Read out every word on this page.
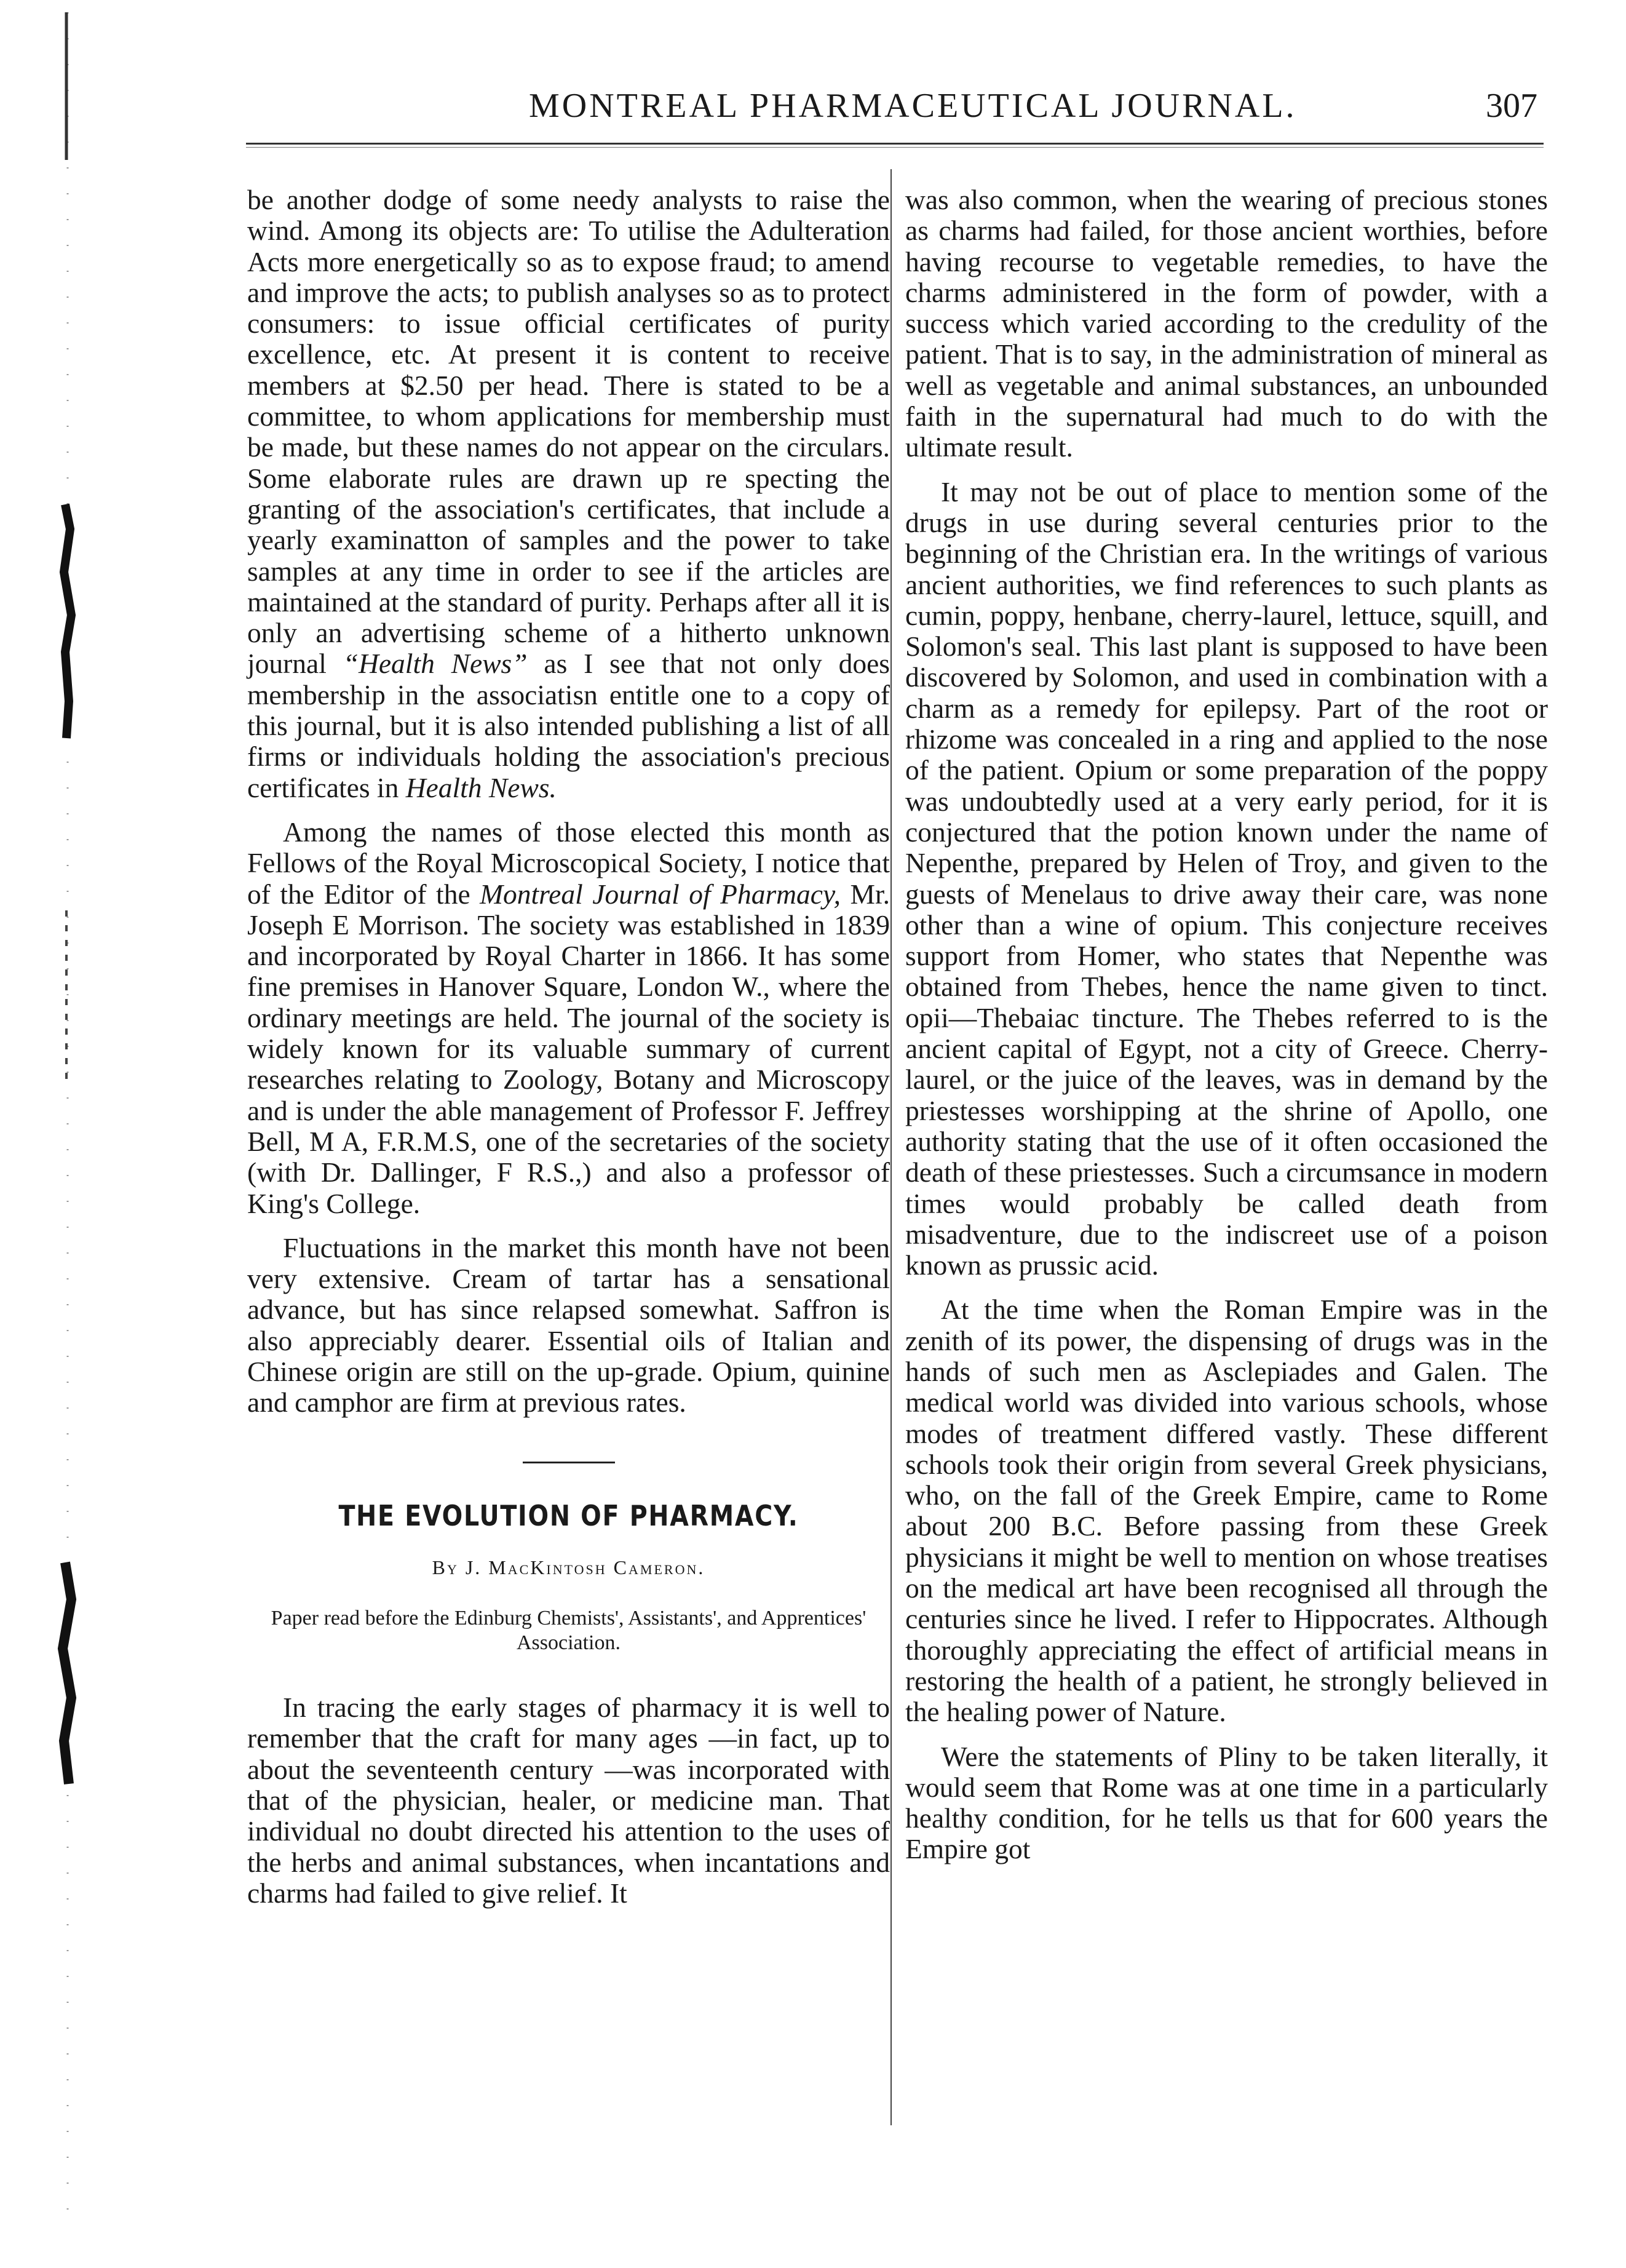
MONTREAL PHARMACEUTICAL JOURNAL.	307

be another dodge of some needy analysts to raise the wind. Among its objects are: To utilise the Adulteration Acts more energetically so as to expose fraud; to amend and improve the acts; to publish analyses so as to protect consumers: to issue official certificates of purity excellence, etc. At present it is content to receive members at $2.50 per head. There is stated to be a committee, to whom applications for membership must be made, but these names do not appear on the circulars. Some elaborate rules are drawn up re specting the granting of the association's certificates, that include a yearly examinatton of samples and the power to take samples at any time in order to see if the articles are maintained at the standard of purity. Perhaps after all it is only an advertising scheme of a hitherto unknown journal “Health News” as I see that not only does membership in the associatisn entitle one to a copy of this journal, but it is also intended publishing a list of all firms or individuals holding the association's precious certificates in Health News.

Among the names of those elected this month as Fellows of the Royal Microscopical Society, I notice that of the Editor of the Montreal Journal of Pharmacy, Mr. Joseph E Morrison. The society was established in 1839 and incorporated by Royal Charter in 1866. It has some fine premises in Hanover Square, London W., where the ordinary meetings are held. The journal of the society is widely known for its valuable summary of current researches relating to Zoology, Botany and Microscopy and is under the able management of Professor F. Jeffrey Bell, M A, F.R.M.S, one of the secretaries of the society (with Dr. Dallinger, F R.S.,) and also a professor of King's College.

Fluctuations in the market this month have not been very extensive. Cream of tartar has a sensational advance, but has since relapsed somewhat. Saffron is also appreciably dearer. Essential oils of Italian and Chinese origin are still on the up-grade. Opium, quinine and camphor are firm at previous rates.

THE EVOLUTION OF PHARMACY.
By J. MacKintosh Cameron.
Paper read before the Edinburg Chemists', Assistants', and Apprentices' Association.

In tracing the early stages of pharmacy it is well to remember that the craft for many ages —in fact, up to about the seventeenth century —was incorporated with that of the physician, healer, or medicine man. That individual no doubt directed his attention to the uses of the herbs and animal substances, when incantations and charms had failed to give relief. It

was also common, when the wearing of precious stones as charms had failed, for those ancient worthies, before having recourse to vegetable remedies, to have the charms administered in the form of powder, with a success which varied according to the credulity of the patient. That is to say, in the administration of mineral as well as vegetable and animal substances, an unbounded faith in the supernatural had much to do with the ultimate result.

It may not be out of place to mention some of the drugs in use during several centuries prior to the beginning of the Christian era. In the writings of various ancient authorities, we find references to such plants as cumin, poppy, henbane, cherry-laurel, lettuce, squill, and Solomon's seal. This last plant is supposed to have been discovered by Solomon, and used in combination with a charm as a remedy for epilepsy. Part of the root or rhizome was concealed in a ring and applied to the nose of the patient. Opium or some preparation of the poppy was undoubtedly used at a very early period, for it is conjectured that the potion known under the name of Nepenthe, prepared by Helen of Troy, and given to the guests of Menelaus to drive away their care, was none other than a wine of opium. This conjecture receives support from Homer, who states that Nepenthe was obtained from Thebes, hence the name given to tinct. opii—Thebaiac tincture. The Thebes referred to is the ancient capital of Egypt, not a city of Greece. Cherry-laurel, or the juice of the leaves, was in demand by the priestesses worshipping at the shrine of Apollo, one authority stating that the use of it often occasioned the death of these priestesses. Such a circumsance in modern times would probably be called death from misadventure, due to the indiscreet use of a poison known as prussic acid.

At the time when the Roman Empire was in the zenith of its power, the dispensing of drugs was in the hands of such men as Asclepiades and Galen. The medical world was divided into various schools, whose modes of treatment differed vastly. These different schools took their origin from several Greek physicians, who, on the fall of the Greek Empire, came to Rome about 200 B.C. Before passing from these Greek physicians it might be well to mention on whose treatises on the medical art have been recognised all through the centuries since he lived. I refer to Hippocrates. Although thoroughly appreciating the effect of artificial means in restoring the health of a patient, he strongly believed in the healing power of Nature.

Were the statements of Pliny to be taken literally, it would seem that Rome was at one time in a particularly healthy condition, for he tells us that for 600 years the Empire got
